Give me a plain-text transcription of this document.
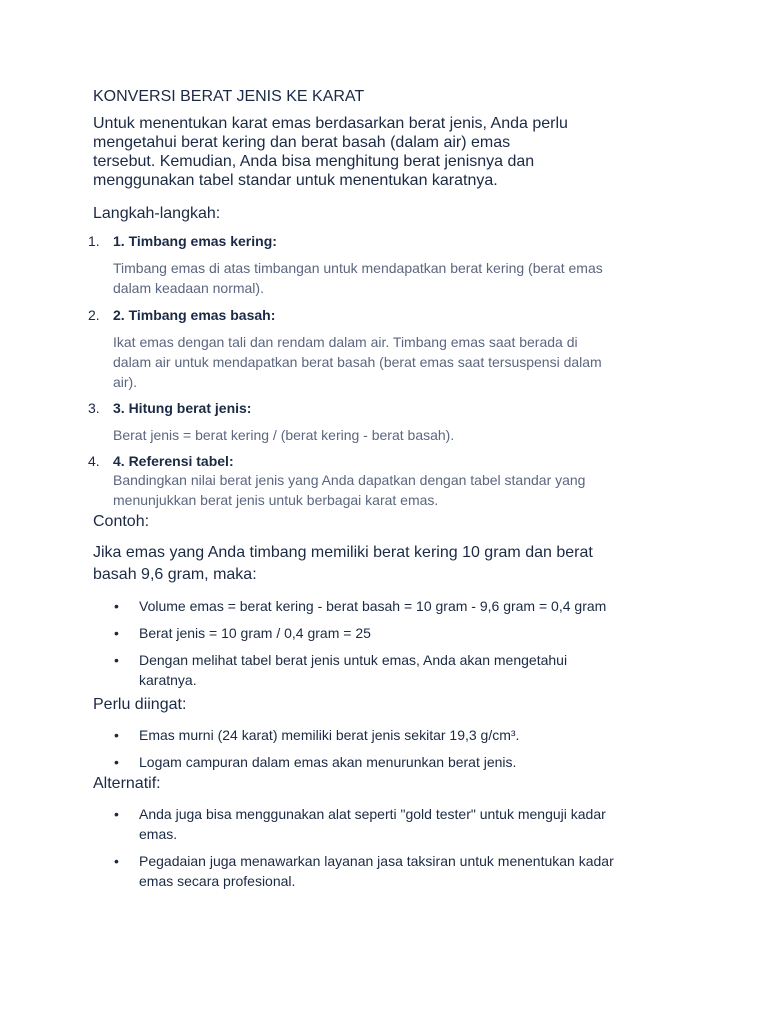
KONVERSI BERAT JENIS KE KARAT
Untuk menentukan karat emas berdasarkan berat jenis, Anda perlu
mengetahui berat kering dan berat basah (dalam air) emas
tersebut. Kemudian, Anda bisa menghitung berat jenisnya dan
menggunakan tabel standar untuk menentukan karatnya.
Langkah-langkah:
1. 1. Timbang emas kering:
Timbang emas di atas timbangan untuk mendapatkan berat kering (berat emas
dalam keadaan normal).
2. 2. Timbang emas basah:
Ikat emas dengan tali dan rendam dalam air. Timbang emas saat berada di
dalam air untuk mendapatkan berat basah (berat emas saat tersuspensi dalam
air).
3. 3. Hitung berat jenis:
Berat jenis = berat kering / (berat kering - berat basah).
4. 4. Referensi tabel:
Bandingkan nilai berat jenis yang Anda dapatkan dengan tabel standar yang
menunjukkan berat jenis untuk berbagai karat emas.
Contoh:
Jika emas yang Anda timbang memiliki berat kering 10 gram dan berat
basah 9,6 gram, maka:
• Volume emas = berat kering - berat basah = 10 gram - 9,6 gram = 0,4 gram
• Berat jenis = 10 gram / 0,4 gram = 25
• Dengan melihat tabel berat jenis untuk emas, Anda akan mengetahui
karatnya.
Perlu diingat:
• Emas murni (24 karat) memiliki berat jenis sekitar 19,3 g/cm³.
• Logam campuran dalam emas akan menurunkan berat jenis.
Alternatif:
• Anda juga bisa menggunakan alat seperti "gold tester" untuk menguji kadar
emas.
• Pegadaian juga menawarkan layanan jasa taksiran untuk menentukan kadar
emas secara profesional.
